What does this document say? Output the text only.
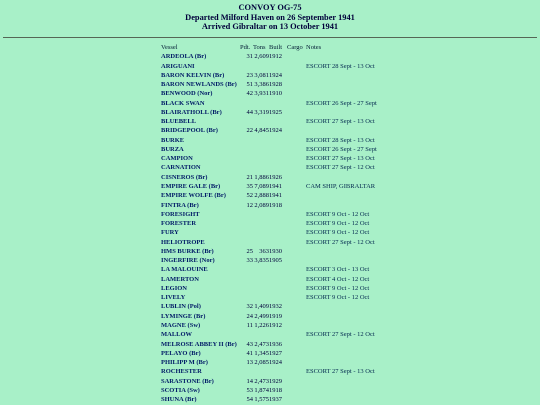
CONVOY OG-75
Departed Milford Haven on 26 September 1941
Arrived Gibraltar on 13 October 1941
Vessel	Pdt.	Tons	Built	Cargo	Notes
ARDEOLA (Br)	31	2,609	1912		
ARIGUANI					ESCORT 28 Sept - 13 Oct
BARON KELVIN (Br)	23	3,081	1924		
BARON NEWLANDS (Br)	51	3,386	1928		
BENWOOD (Nor)	42	3,931	1910		
BLACK SWAN					ESCORT 26 Sept - 27 Sept
BLAIRATHOLL (Br)	44	3,319	1925		
BLUEBELL					ESCORT 27 Sept - 13 Oct
BRIDGEPOOL (Br)	22	4,845	1924		
BURKE					ESCORT 28 Sept - 13 Oct
BURZA					ESCORT 26 Sept - 27 Sept
CAMPION					ESCORT 27 Sept - 13 Oct
CARNATION					ESCORT 27 Sept - 12 Oct
CISNEROS (Br)	21	1,886	1926		
EMPIRE GALE (Br)	35	7,089	1941		CAM SHIP, GIBRALTAR
EMPIRE WOLFE (Br)	52	2,888	1941		
FINTRA (Br)	12	2,089	1918		
FORESIGHT					ESCORT 9 Oct - 12 Oct
FORESTER					ESCORT 9 Oct - 12 Oct
FURY					ESCORT 9 Oct - 12 Oct
HELIOTROPE					ESCORT 27 Sept - 12 Oct
HMS BURKE (Br)	25	363	1930		
INGERFIRE (Nor)	33	3,835	1905		
LA MALOUINE					ESCORT 3 Oct - 13 Oct
LAMERTON					ESCORT 4 Oct - 12 Oct
LEGION					ESCORT 9 Oct - 12 Oct
LIVELY					ESCORT 9 Oct - 12 Oct
LUBLIN (Pol)	32	1,409	1932		
LYMINGE (Br)	24	2,499	1919		
MAGNE (Sw)	11	1,226	1912		
MALLOW					ESCORT 27 Sept - 12 Oct
MELROSE ABBEY II (Br)	43	2,473	1936		
PELAYO (Br)	41	1,345	1927		
PHILIPP M (Br)	13	2,085	1924		
ROCHESTER					ESCORT 27 Sept - 13 Oct
SARASTONE (Br)	14	2,473	1929		
SCOTIA (Sw)	53	1,874	1918		
SHUNA (Br)	54	1,575	1937		
